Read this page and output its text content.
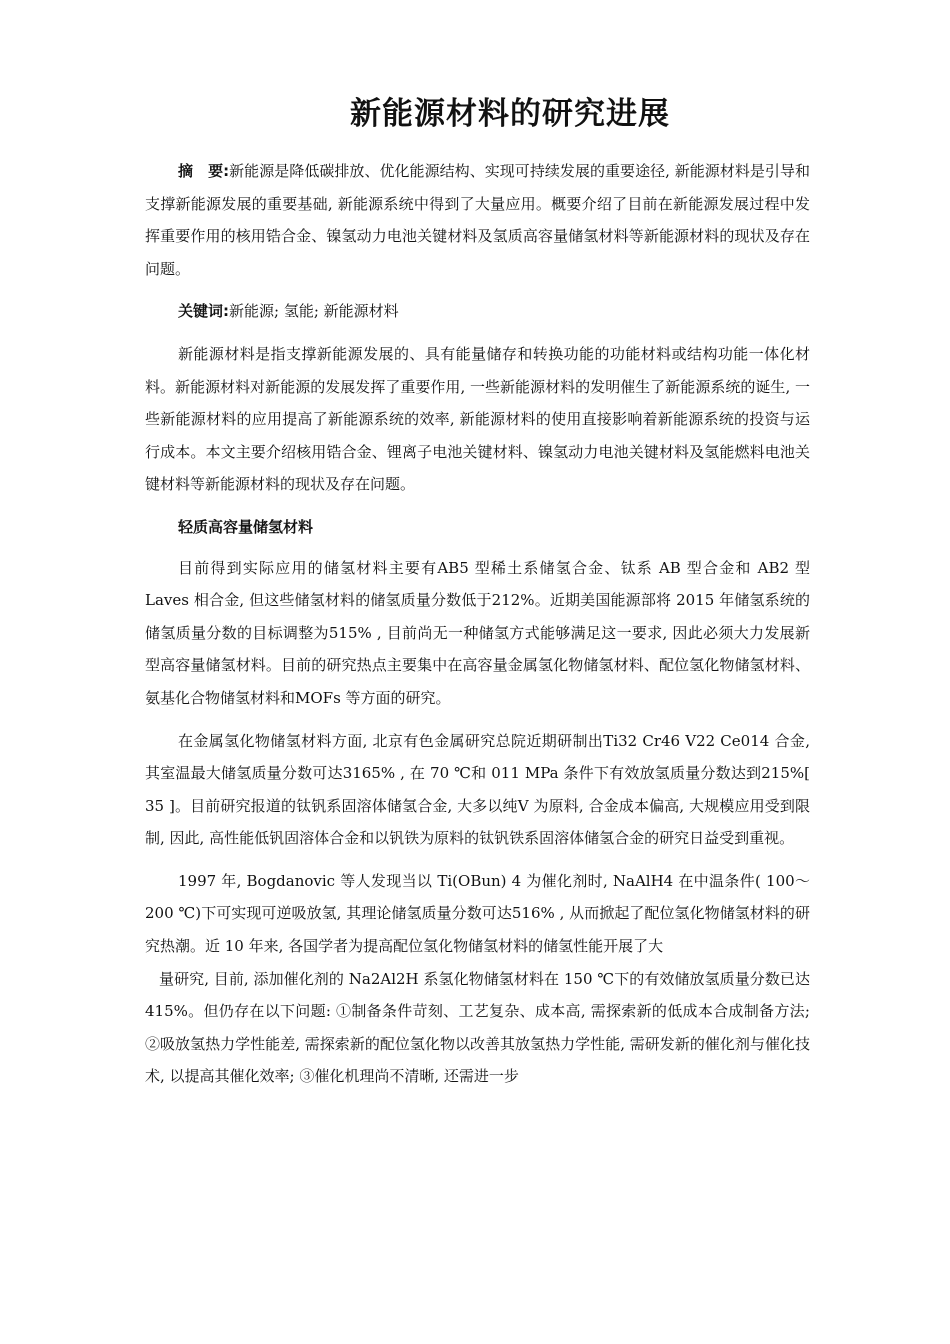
新能源材料的研究进展

摘　要:新能源是降低碳排放、优化能源结构、实现可持续发展的重要途径, 新能源材料是引导和支撑新能源发展的重要基础, 新能源系统中得到了大量应用。概要介绍了目前在新能源发展过程中发挥重要作用的核用锆合金、镍氢动力电池关键材料及氢质高容量储氢材料等新能源材料的现状及存在问题。

关键词:新能源; 氢能; 新能源材料

新能源材料是指支撑新能源发展的、具有能量储存和转换功能的功能材料或结构功能一体化材料。新能源材料对新能源的发展发挥了重要作用, 一些新能源材料的发明催生了新能源系统的诞生, 一些新能源材料的应用提高了新能源系统的效率, 新能源材料的使用直接影响着新能源系统的投资与运行成本。本文主要介绍核用锆合金、锂离子电池关键材料、镍氢动力电池关键材料及氢能燃料电池关键材料等新能源材料的现状及存在问题。

轻质高容量储氢材料

目前得到实际应用的储氢材料主要有AB5 型稀土系储氢合金、钛系 AB 型合金和 AB2 型 Laves 相合金, 但这些储氢材料的储氢质量分数低于212%。近期美国能源部将 2015 年储氢系统的储氢质量分数的目标调整为515% , 目前尚无一种储氢方式能够满足这一要求, 因此必须大力发展新型高容量储氢材料。目前的研究热点主要集中在高容量金属氢化物储氢材料、配位氢化物储氢材料、氨基化合物储氢材料和MOFs 等方面的研究。

在金属氢化物储氢材料方面, 北京有色金属研究总院近期研制出Ti32 Cr46 V22 Ce014 合金, 其室温最大储氢质量分数可达3165% , 在 70 ℃和 011 MPa 条件下有效放氢质量分数达到215%[ 35 ]。目前研究报道的钛钒系固溶体储氢合金, 大多以纯V 为原料, 合金成本偏高, 大规模应用受到限制, 因此, 高性能低钒固溶体合金和以钒铁为原料的钛钒铁系固溶体储氢合金的研究日益受到重视。

1997 年, Bogdanovic 等人发现当以 Ti(OBun) 4 为催化剂时, NaAlH4 在中温条件( 100～200 ℃)下可实现可逆吸放氢, 其理论储氢质量分数可达516% , 从而掀起了配位氢化物储氢材料的研究热潮。近 10 年来, 各国学者为提高配位氢化物储氢材料的储氢性能开展了大

量研究, 目前, 添加催化剂的 Na2Al2H 系氢化物储氢材料在 150 ℃下的有效储放氢质量分数已达 415%。但仍存在以下问题: ①制备条件苛刻、工艺复杂、成本高, 需探索新的低成本合成制备方法; ②吸放氢热力学性能差, 需探索新的配位氢化物以改善其放氢热力学性能, 需研发新的催化剂与催化技术, 以提高其催化效率; ③催化机理尚不清晰, 还需进一步
